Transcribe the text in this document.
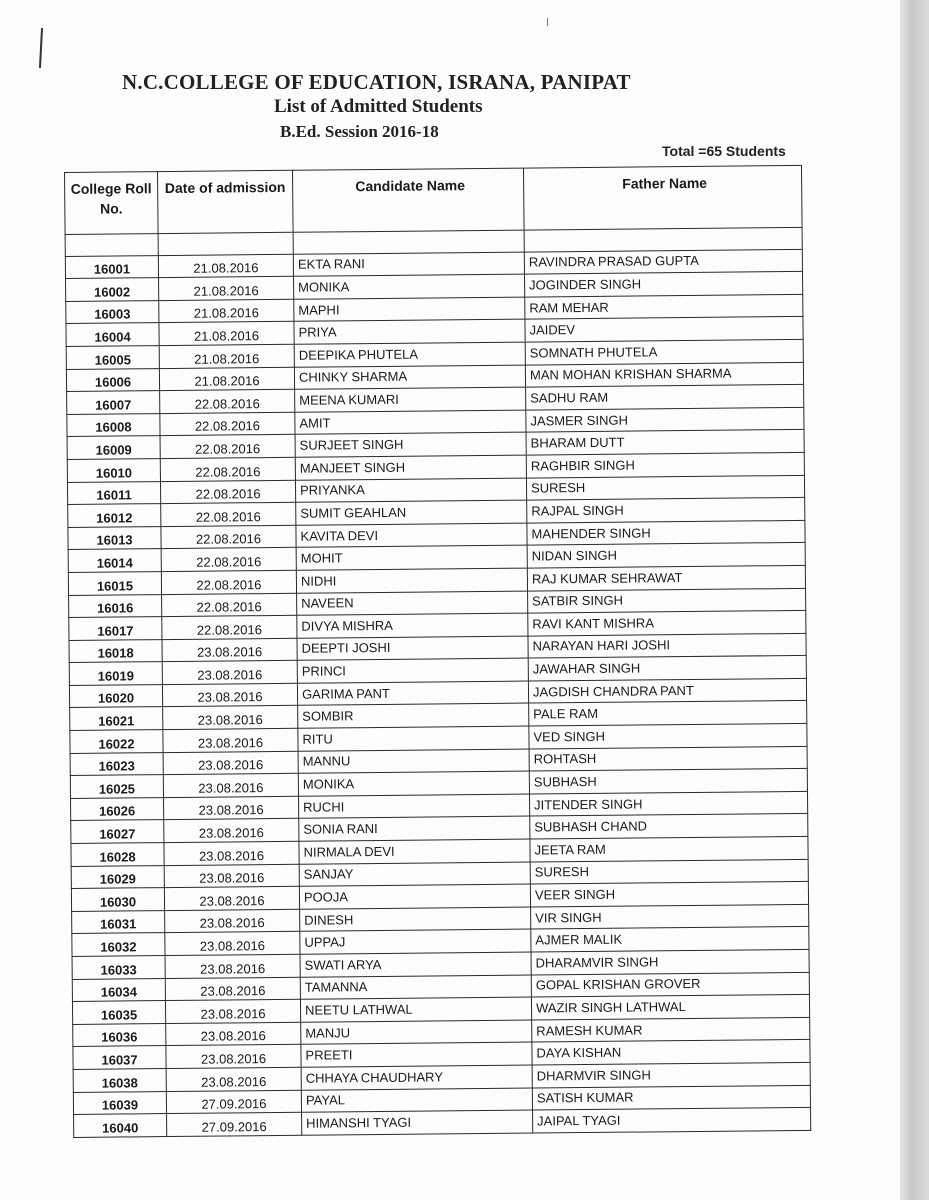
N.C.COLLEGE OF EDUCATION, ISRANA, PANIPAT
List of Admitted Students
B.Ed. Session 2016-18
Total =65 Students
College Roll No.	Date of admission	Candidate Name	Father Name

16001	21.08.2016	EKTA RANI	RAVINDRA PRASAD GUPTA
16002	21.08.2016	MONIKA	JOGINDER SINGH
16003	21.08.2016	MAPHI	RAM MEHAR
16004	21.08.2016	PRIYA	JAIDEV
16005	21.08.2016	DEEPIKA PHUTELA	SOMNATH PHUTELA
16006	21.08.2016	CHINKY SHARMA	MAN MOHAN KRISHAN SHARMA
16007	22.08.2016	MEENA KUMARI	SADHU RAM
16008	22.08.2016	AMIT	JASMER SINGH
16009	22.08.2016	SURJEET SINGH	BHARAM DUTT
16010	22.08.2016	MANJEET SINGH	RAGHBIR SINGH
16011	22.08.2016	PRIYANKA	SURESH
16012	22.08.2016	SUMIT GEAHLAN	RAJPAL SINGH
16013	22.08.2016	KAVITA DEVI	MAHENDER SINGH
16014	22.08.2016	MOHIT	NIDAN SINGH
16015	22.08.2016	NIDHI	RAJ KUMAR SEHRAWAT
16016	22.08.2016	NAVEEN	SATBIR SINGH
16017	22.08.2016	DIVYA MISHRA	RAVI KANT MISHRA
16018	23.08.2016	DEEPTI JOSHI	NARAYAN HARI JOSHI
16019	23.08.2016	PRINCI	JAWAHAR SINGH
16020	23.08.2016	GARIMA PANT	JAGDISH CHANDRA PANT
16021	23.08.2016	SOMBIR	PALE RAM
16022	23.08.2016	RITU	VED SINGH
16023	23.08.2016	MANNU	ROHTASH
16025	23.08.2016	MONIKA	SUBHASH
16026	23.08.2016	RUCHI	JITENDER SINGH
16027	23.08.2016	SONIA RANI	SUBHASH CHAND
16028	23.08.2016	NIRMALA DEVI	JEETA RAM
16029	23.08.2016	SANJAY	SURESH
16030	23.08.2016	POOJA	VEER SINGH
16031	23.08.2016	DINESH	VIR SINGH
16032	23.08.2016	UPPAJ	AJMER MALIK
16033	23.08.2016	SWATI ARYA	DHARAMVIR SINGH
16034	23.08.2016	TAMANNA	GOPAL KRISHAN GROVER
16035	23.08.2016	NEETU LATHWAL	WAZIR SINGH LATHWAL
16036	23.08.2016	MANJU	RAMESH KUMAR
16037	23.08.2016	PREETI	DAYA KISHAN
16038	23.08.2016	CHHAYA CHAUDHARY	DHARMVIR SINGH
16039	27.09.2016	PAYAL	SATISH KUMAR
16040	27.09.2016	HIMANSHI TYAGI	JAIPAL TYAGI
